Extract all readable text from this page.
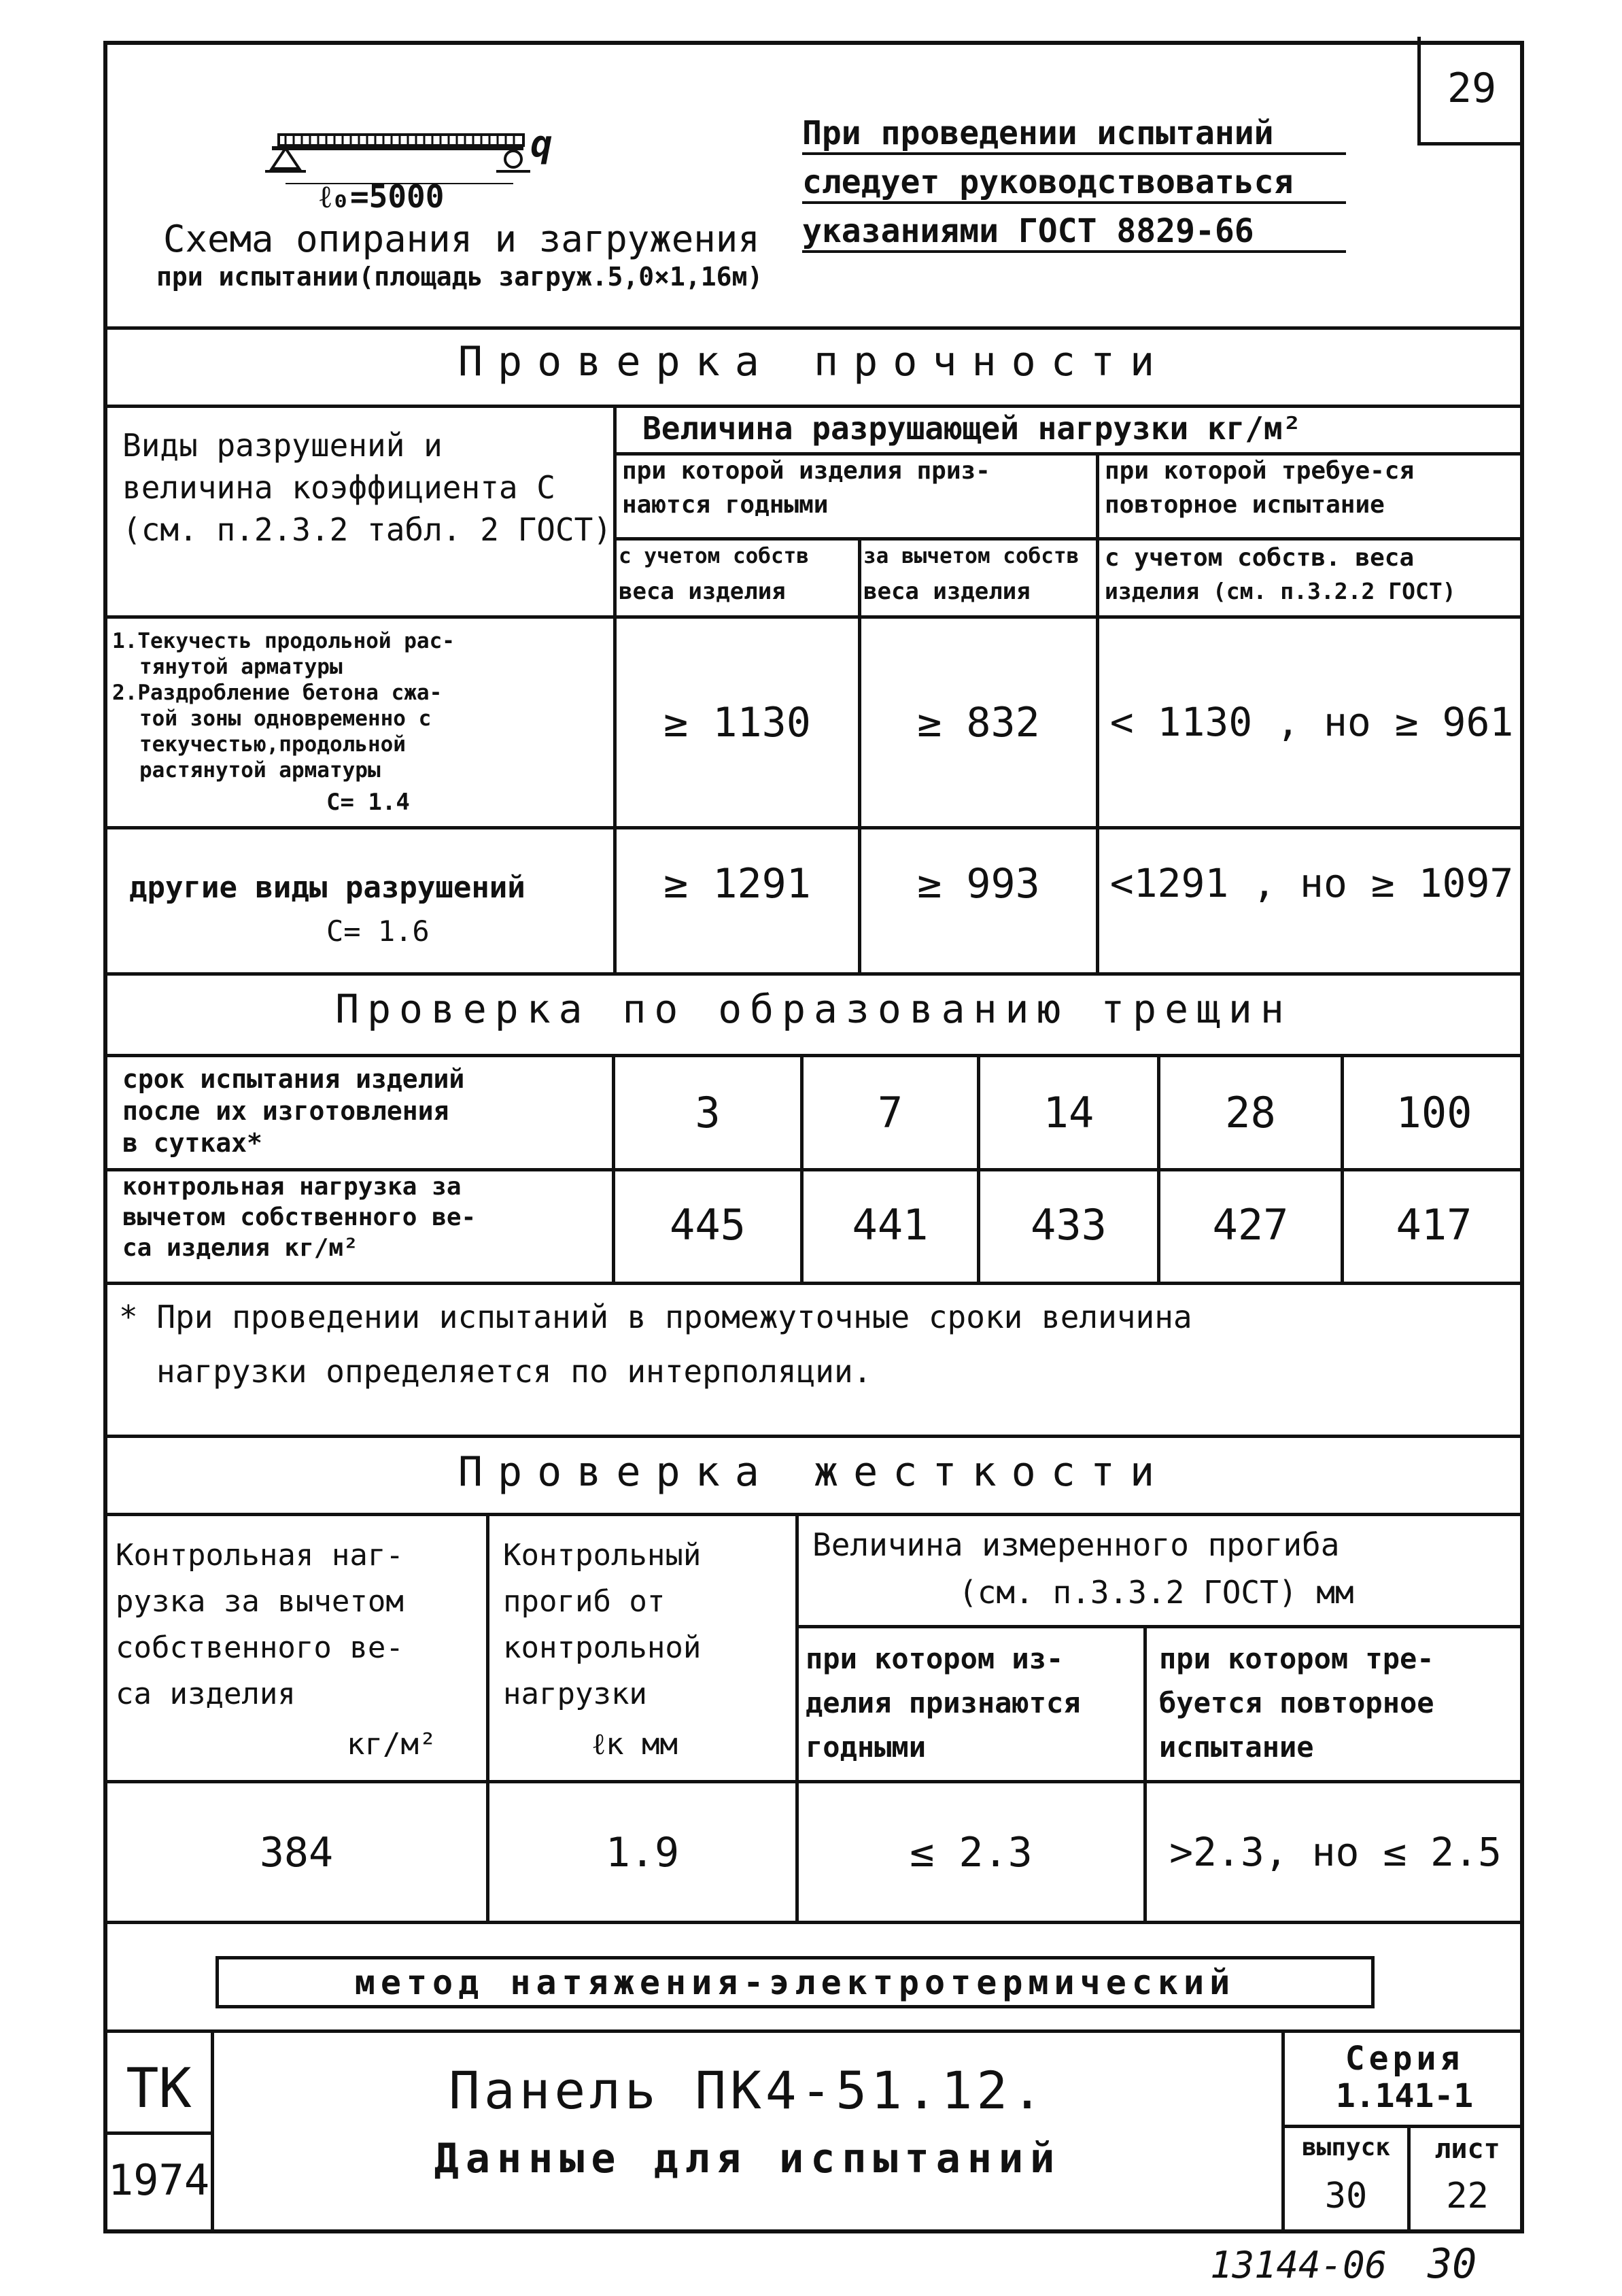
29
ℓ₀=5000
q
Схема опирания и загружения
при испытании(площадь загруж.5,0×1,16м)
При проведении испытаний
следует руководствоваться
указаниями ГОСТ 8829-66
Проверка прочности
Виды разрушений и
величина коэффициента С
(см. п.2.3.2 табл. 2 ГОСТ)
Величина разрушающей нагрузки кг/м²
при которой изделия приз-
наются годными
при которой требуе-ся
повторное испытание
с учетом собств
веса изделия
за вычетом собств
веса изделия
с учетом собств. веса
изделия (см. п.3.2.2 ГОСТ)
1.Текучесть продольной рас-
тянутой арматуры
2.Раздробление бетона сжа-
той зоны одновременно с
текучестью,продольной
растянутой арматуры
С= 1.4
≥ 1130	≥ 832	< 1130 , но ≥ 961
другие виды разрушений
С= 1.6
≥ 1291	≥ 993	<1291 , но ≥ 1097
Проверка по образованию трещин
срок испытания изделий
после их изготовления
в сутках*
3	7	14	28	100
контрольная нагрузка за
вычетом собственного ве-
са изделия кг/м²	445	441	433	427	417
* При проведении испытаний в промежуточные сроки величина
нагрузки определяется по интерполяции.
Проверка жесткости
Контрольная наг-
рузка за вычетом
собственного ве-
са изделия
кг/м²
Контрольный
прогиб от
контрольной
нагрузки
ℓк мм
Величина измеренного прогиба
(см. п.3.3.2 ГОСТ) мм
при котором из-
делия признаются
годными
при котором тре-
буется повторное
испытание
384	1.9	≤ 2.3	>2.3, но ≤ 2.5
метод натяжения-электротермический
ТК
1974
Панель ПК4-51.12.
Данные для испытаний
Серия
1.141-1
выпуск
30
лист
22
13144-06 30
